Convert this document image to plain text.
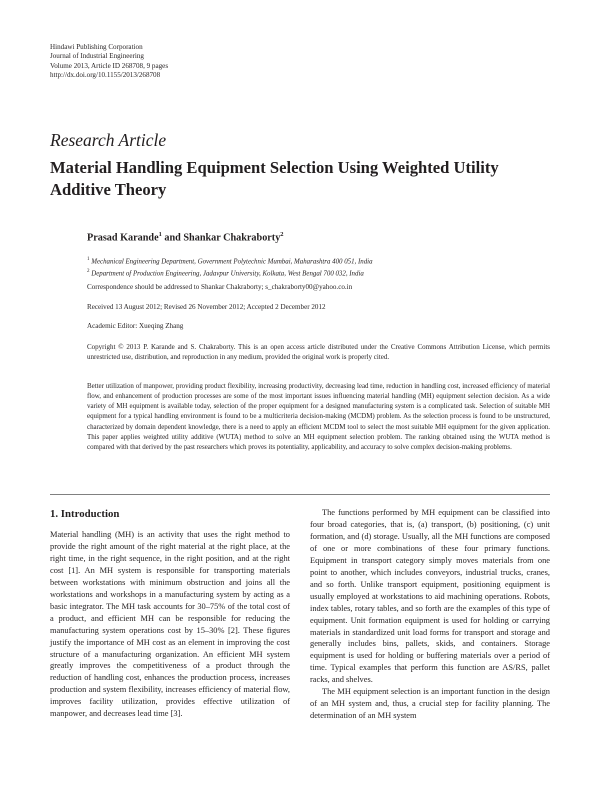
Hindawi Publishing Corporation
Journal of Industrial Engineering
Volume 2013, Article ID 268708, 9 pages
http://dx.doi.org/10.1155/2013/268708
Research Article
Material Handling Equipment Selection Using Weighted Utility Additive Theory
Prasad Karande$^1$ and Shankar Chakraborty$^2$
$^1$ Mechanical Engineering Department, Government Polytechnic Mumbai, Maharashtra 400 051, India
$^2$ Department of Production Engineering, Jadavpur University, Kolkata, West Bengal 700 032, India
Correspondence should be addressed to Shankar Chakraborty; s_chakraborty00@yahoo.co.in
Received 13 August 2012; Revised 26 November 2012; Accepted 2 December 2012
Academic Editor: Xueqing Zhang
Copyright © 2013 P. Karande and S. Chakraborty. This is an open access article distributed under the Creative Commons Attribution License, which permits unrestricted use, distribution, and reproduction in any medium, provided the original work is properly cited.
Better utilization of manpower, providing product flexibility, increasing productivity, decreasing lead time, reduction in handling cost, increased efficiency of material flow, and enhancement of production processes are some of the most important issues influencing material handling (MH) equipment selection decision. As a wide variety of MH equipment is available today, selection of the proper equipment for a designed manufacturing system is a complicated task. Selection of suitable MH equipment for a typical handling environment is found to be a multicriteria decision-making (MCDM) problem. As the selection process is found to be unstructured, characterized by domain dependent knowledge, there is a need to apply an efficient MCDM tool to select the most suitable MH equipment for the given application. This paper applies weighted utility additive (WUTA) method to solve an MH equipment selection problem. The ranking obtained using the WUTA method is compared with that derived by the past researchers which proves its potentiality, applicability, and accuracy to solve complex decision-making problems.
1. Introduction

Material handling (MH) is an activity that uses the right method to provide the right amount of the right material at the right place, at the right time, in the right sequence, in the right position, and at the right cost [1]. An MH system is responsible for transporting materials between workstations with minimum obstruction and joins all the workstations and workshops in a manufacturing system by acting as a basic integrator. The MH task accounts for 30–75% of the total cost of a product, and efficient MH can be responsible for reducing the manufacturing system operations cost by 15–30% [2]. These figures justify the importance of MH cost as an element in improving the cost structure of a manufacturing organization. An efficient MH system greatly improves the competitiveness of a product through the reduction of handling cost, enhances the production process, increases production and system flexibility, increases efficiency of material flow, improves facility utilization, provides effective utilization of manpower, and decreases lead time [3].

The functions performed by MH equipment can be classified into four broad categories, that is, (a) transport, (b) positioning, (c) unit formation, and (d) storage. Usually, all the MH functions are composed of one or more combinations of these four primary functions. Equipment in transport category simply moves materials from one point to another, which includes conveyors, industrial trucks, cranes, and so forth. Unlike transport equipment, positioning equipment is usually employed at workstations to aid machining operations. Robots, index tables, rotary tables, and so forth are the examples of this type of equipment. Unit formation equipment is used for holding or carrying materials in standardized unit load forms for transport and storage and generally includes bins, pallets, skids, and containers. Storage equipment is used for holding or buffering materials over a period of time. Typical examples that perform this function are AS/RS, pallet racks, and shelves.

The MH equipment selection is an important function in the design of an MH system and, thus, a crucial step for facility planning. The determination of an MH system
